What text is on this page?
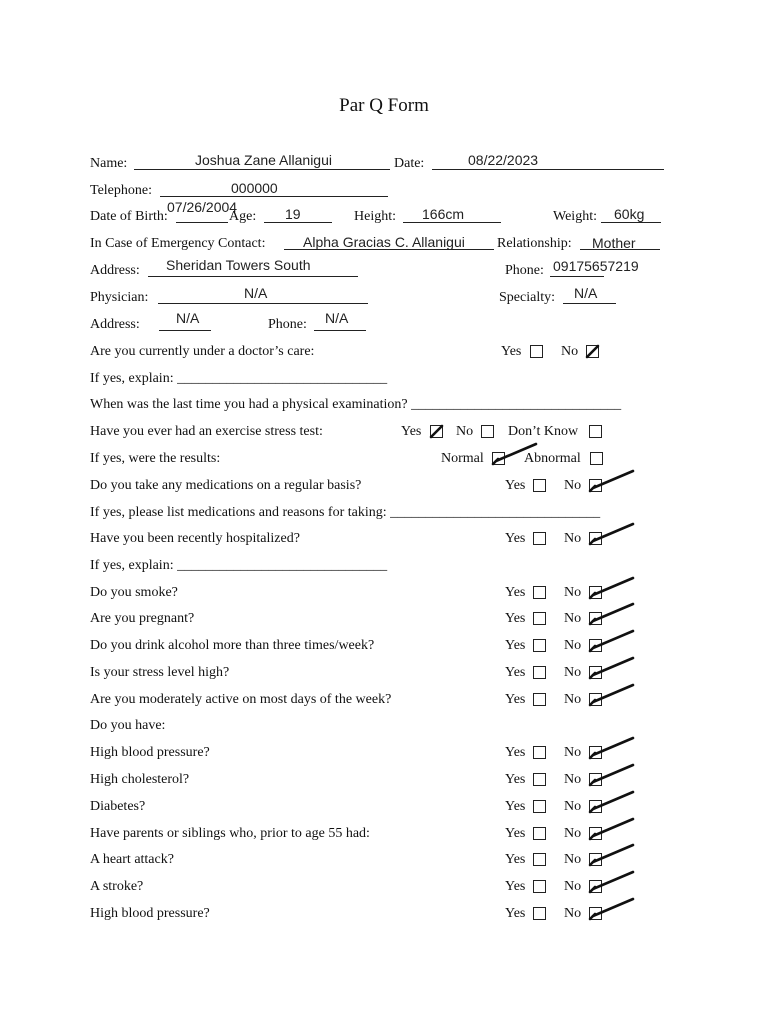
Par Q Form
Name:	Joshua Zane Allanigui	Date:	08/22/2023
Telephone:	000000
Date of Birth:
07/26/2004
Age: 19	Height: 166cm	Weight: 60kg
In Case of Emergency Contact:	Alpha Gracias C. Allanigui Relationship: Mother
Address: Sheridan Towers South	Phone: 09175657219
Physician:	N/A	Specialty: N/A
Address:	N/A	Phone: N/A
Are you currently under a doctor’s care:	Yes	No
If yes, explain: ______________________________
When was the last time you had a physical examination? ______________________________
Have you ever had an exercise stress test:	Yes No Don’t Know
If yes, were the results:	Normal	Abnormal
Do you take any medications on a regular basis?	Yes	No
If yes, please list medications and reasons for taking: ______________________________
Have you been recently hospitalized?	Yes	No
If yes, explain: ______________________________
Do you smoke?	Yes	No
Are you pregnant?	Yes	No
Do you drink alcohol more than three times/week?	Yes	No
Is your stress level high?	Yes	No
Are you moderately active on most days of the week?	Yes	No
Do you have:
High blood pressure?	Yes	No
High cholesterol?	Yes	No
Diabetes?	Yes	No
Have parents or siblings who, prior to age 55 had:	Yes	No
A heart attack?	Yes	No
A stroke?	Yes	No
High blood pressure?	Yes	No
